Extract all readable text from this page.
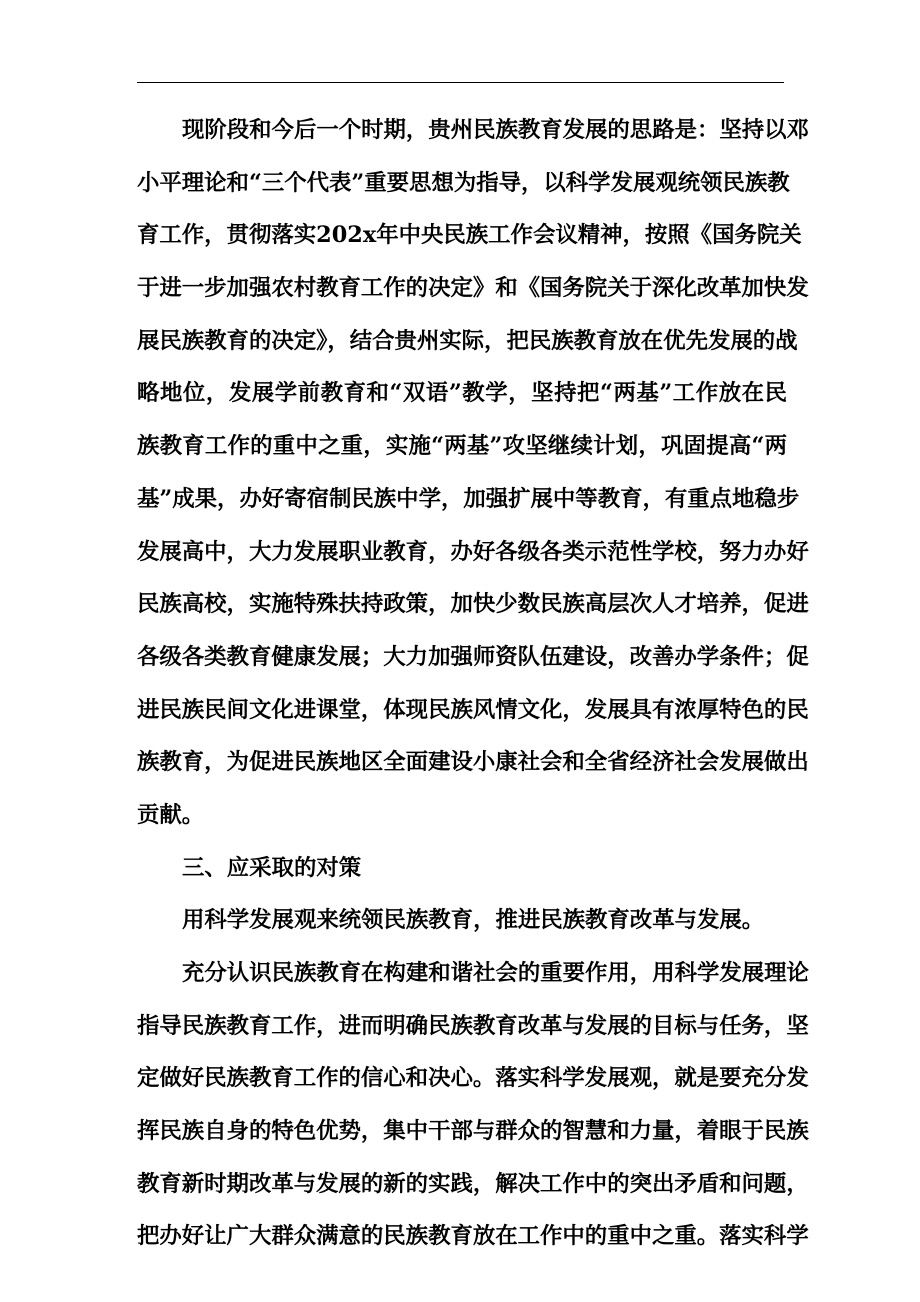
现阶段和今后一个时期，贵州民族教育发展的思路是：坚持以邓
小平理论和“三个代表”重要思想为指导，以科学发展观统领民族教
育工作，贯彻落实202x年中央民族工作会议精神，按照《国务院关
于进一步加强农村教育工作的决定》和《国务院关于深化改革加快发
展民族教育的决定》，结合贵州实际，把民族教育放在优先发展的战
略地位，发展学前教育和“双语”教学，坚持把“两基”工作放在民
族教育工作的重中之重，实施“两基”攻坚继续计划，巩固提高“两
基”成果，办好寄宿制民族中学，加强扩展中等教育，有重点地稳步
发展高中，大力发展职业教育，办好各级各类示范性学校，努力办好
民族高校，实施特殊扶持政策，加快少数民族高层次人才培养，促进
各级各类教育健康发展；大力加强师资队伍建设，改善办学条件；促
进民族民间文化进课堂，体现民族风情文化，发展具有浓厚特色的民
族教育，为促进民族地区全面建设小康社会和全省经济社会发展做出
贡献。
三、应采取的对策
用科学发展观来统领民族教育，推进民族教育改革与发展。
充分认识民族教育在构建和谐社会的重要作用，用科学发展理论
指导民族教育工作，进而明确民族教育改革与发展的目标与任务，坚
定做好民族教育工作的信心和决心。落实科学发展观，就是要充分发
挥民族自身的特色优势，集中干部与群众的智慧和力量，着眼于民族
教育新时期改革与发展的新的实践，解决工作中的突出矛盾和问题，
把办好让广大群众满意的民族教育放在工作中的重中之重。落实科学
